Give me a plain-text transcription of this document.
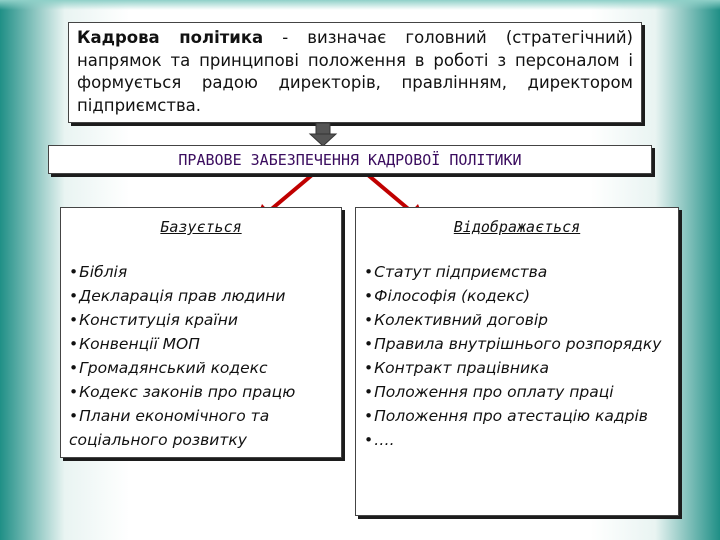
Кадрова політика - визначає головний (стратегічний) напрямок та принципові положення в роботі з персоналом і формується радою директорів, правлінням, директором підприємства.
ПРАВОВЕ ЗАБЕЗПЕЧЕННЯ КАДРОВОЇ ПОЛІТИКИ
Базується
• Біблія
• Декларація прав людини
• Конституція країни
• Конвенції МОП
• Громадянський кодекс
• Кодекс законів про працю
• Плани економічного та соціального розвитку
Відображається
• Статут підприємства
• Філософія (кодекс)
• Колективний договір
• Правила внутрішнього розпорядку
• Контракт працівника
• Положення про оплату праці
• Положення про атестацію кадрів
• ….
